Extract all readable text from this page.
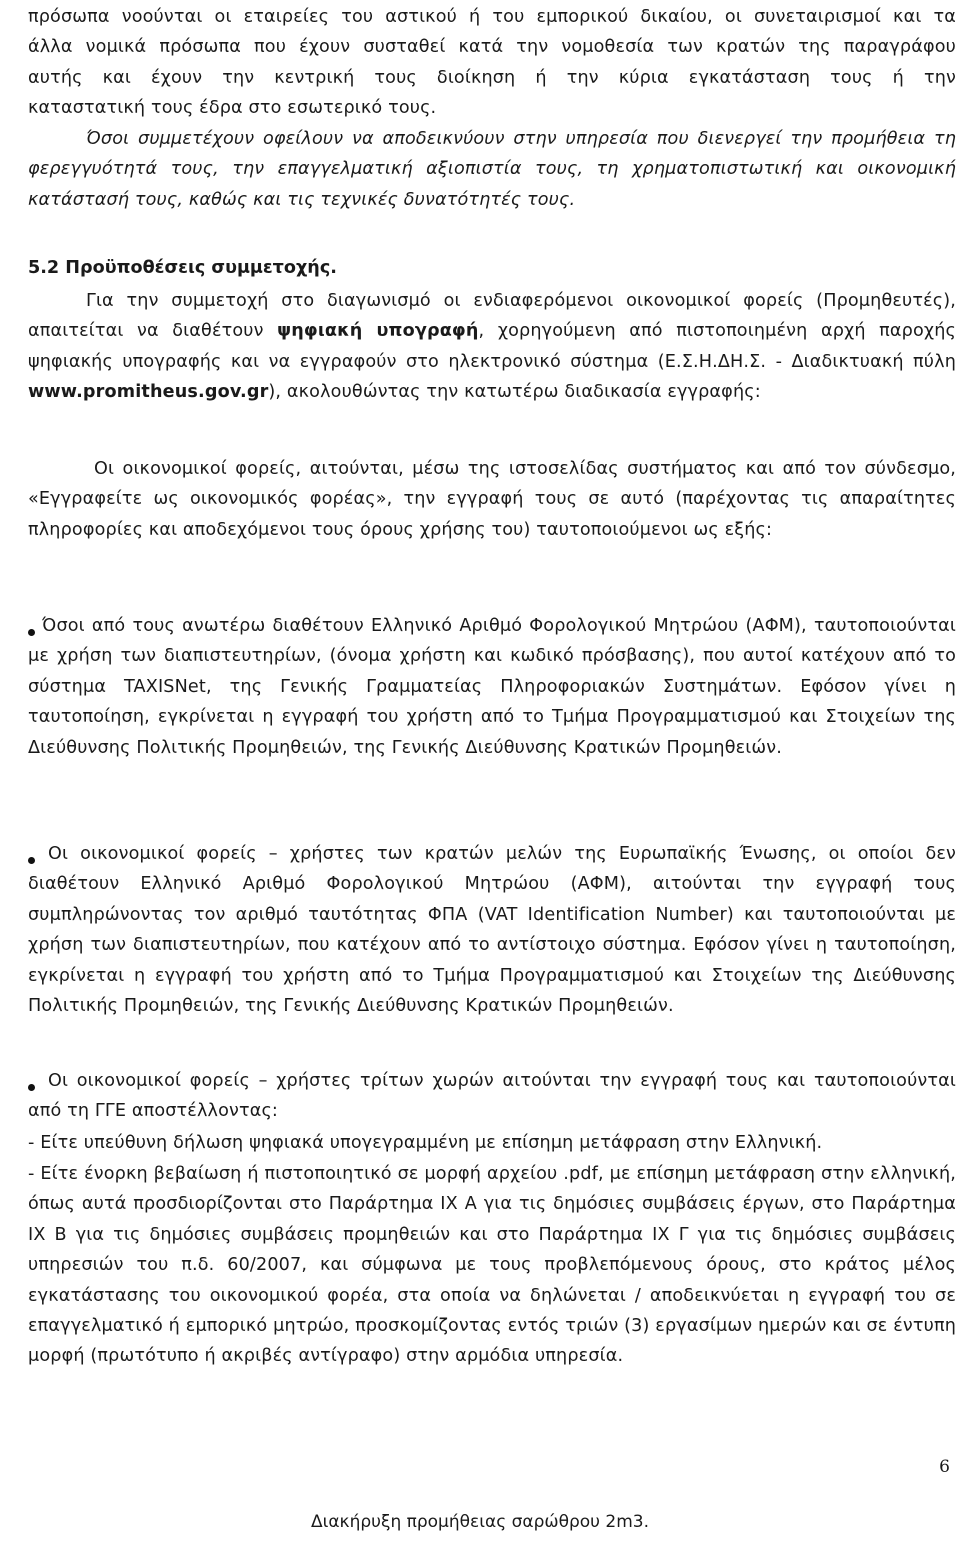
πρόσωπα νοούνται οι εταιρείες του αστικού ή του εμπορικού δικαίου, οι συνεταιρισμοί και τα
άλλα νομικά πρόσωπα που έχουν συσταθεί κατά την νομοθεσία των κρατών της παραγράφου
αυτής και έχουν την κεντρική τους διοίκηση ή την κύρια εγκατάσταση τους ή την
καταστατική τους έδρα στο εσωτερικό τους.

Όσοι συμμετέχουν οφείλουν να αποδεικνύουν στην υπηρεσία που διενεργεί την προμήθεια τη φερεγγυότητά τους, την επαγγελματική αξιοπιστία τους, τη χρηματοπιστωτική και οικονομική κατάστασή τους, καθώς και τις τεχνικές δυνατότητές τους.

5.2 Προϋποθέσεις συμμετοχής.

Για την συμμετοχή στο διαγωνισμό οι ενδιαφερόμενοι οικονομικοί φορείς (Προμηθευτές), απαιτείται να διαθέτουν ψηφιακή υπογραφή, χορηγούμενη από πιστοποιημένη αρχή παροχής ψηφιακής υπογραφής και να εγγραφούν στο ηλεκτρονικό σύστημα (Ε.Σ.Η.ΔΗ.Σ. - Διαδικτυακή πύλη www.promitheus.gov.gr), ακολουθώντας την κατωτέρω διαδικασία εγγραφής:

Οι οικονομικοί φορείς, αιτούνται, μέσω της ιστοσελίδας συστήματος και από τον σύνδεσμο, «Εγγραφείτε ως οικονομικός φορέας», την εγγραφή τους σε αυτό (παρέχοντας τις απαραίτητες πληροφορίες και αποδεχόμενοι τους όρους χρήσης του) ταυτοποιούμενοι ως εξής:

Όσοι από τους ανωτέρω διαθέτουν Ελληνικό Αριθμό Φορολογικού Μητρώου (ΑΦΜ), ταυτοποιούνται με χρήση των διαπιστευτηρίων, (όνομα χρήστη και κωδικό πρόσβασης), που αυτοί κατέχουν από το σύστημα TAXISNet, της Γενικής Γραμματείας Πληροφοριακών Συστημάτων. Εφόσον γίνει η ταυτοποίηση, εγκρίνεται η εγγραφή του χρήστη από το Τμήμα Προγραμματισμού και Στοιχείων της Διεύθυνσης Πολιτικής Προμηθειών, της Γενικής Διεύθυνσης Κρατικών Προμηθειών.

Οι οικονομικοί φορείς – χρήστες των κρατών μελών της Ευρωπαϊκής Ένωσης, οι οποίοι δεν διαθέτουν Ελληνικό Αριθμό Φορολογικού Μητρώου (ΑΦΜ), αιτούνται την εγγραφή τους συμπληρώνοντας τον αριθμό ταυτότητας ΦΠΑ (VAT Identification Number) και ταυτοποιούνται με χρήση των διαπιστευτηρίων, που κατέχουν από το αντίστοιχο σύστημα. Εφόσον γίνει η ταυτοποίηση, εγκρίνεται η εγγραφή του χρήστη από το Τμήμα Προγραμματισμού και Στοιχείων της Διεύθυνσης Πολιτικής Προμηθειών, της Γενικής Διεύθυνσης Κρατικών Προμηθειών.

Οι οικονομικοί φορείς – χρήστες τρίτων χωρών αιτούνται την εγγραφή τους και ταυτοποιούνται από τη ΓΓΕ αποστέλλοντας:

- Είτε υπεύθυνη δήλωση ψηφιακά υπογεγραμμένη με επίσημη μετάφραση στην Ελληνική.

- Είτε ένορκη βεβαίωση ή πιστοποιητικό σε μορφή αρχείου .pdf, με επίσημη μετάφραση στην ελληνική, όπως αυτά προσδιορίζονται στο Παράρτημα ΙΧ Α για τις δημόσιες συμβάσεις έργων, στο Παράρτημα ΙΧ Β για τις δημόσιες συμβάσεις προμηθειών και στο Παράρτημα ΙΧ Γ για τις δημόσιες συμβάσεις υπηρεσιών του π.δ. 60/2007, και σύμφωνα με τους προβλεπόμενους όρους, στο κράτος μέλος εγκατάστασης του οικονομικού φορέα, στα οποία να δηλώνεται / αποδεικνύεται η εγγραφή του σε επαγγελματικό ή εμπορικό μητρώο, προσκομίζοντας εντός τριών (3) εργασίμων ημερών και σε έντυπη μορφή (πρωτότυπο ή ακριβές αντίγραφο) στην αρμόδια υπηρεσία.

6
Διακήρυξη προμήθειας σαρώθρου 2m3.
